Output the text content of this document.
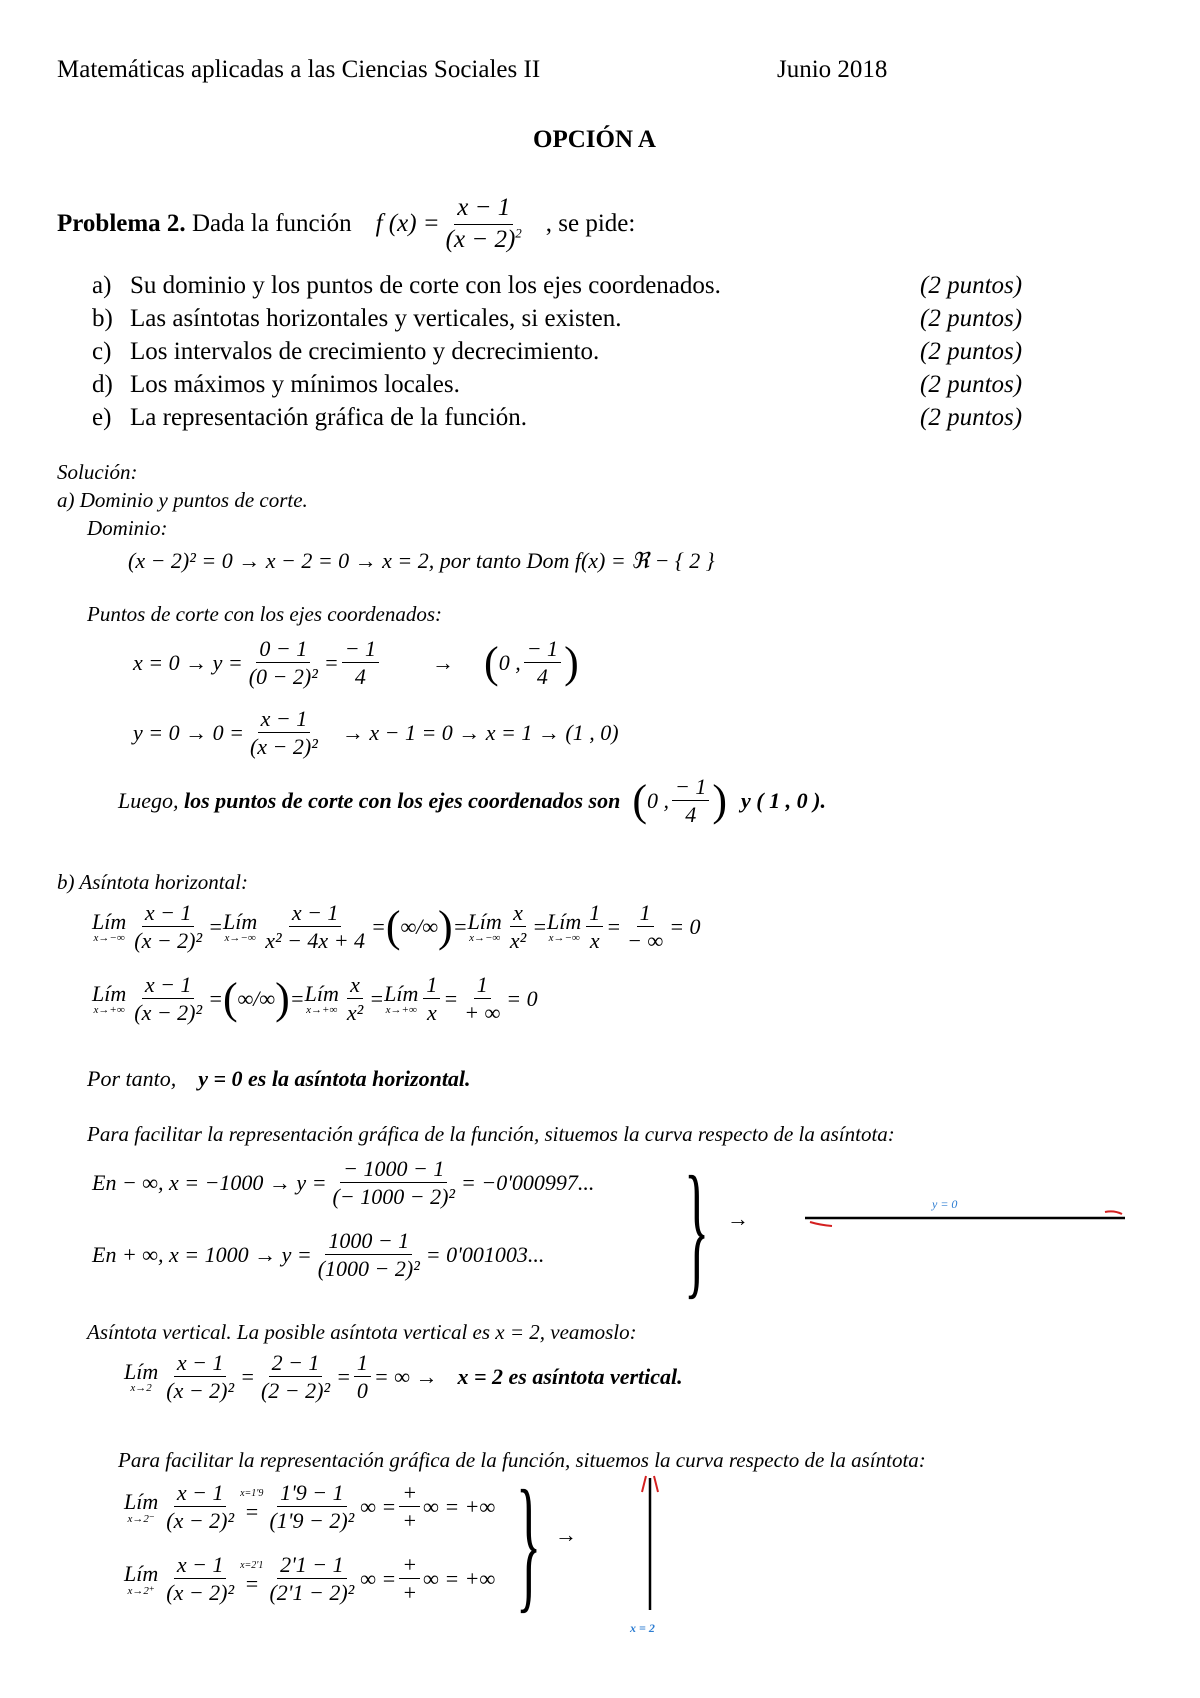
Matemáticas aplicadas a las Ciencias Sociales II	Junio 2018
OPCIÓN A
Problema 2.
Dada la función f $(x) = \frac{x - 1}{(x - 2)^2}$ , se pide:
a) Su dominio y los puntos de corte con los ejes coordenados.	(2 puntos)
b) Las asíntotas horizontales y verticales, si existen.	(2 puntos)
c) Los intervalos de crecimiento y decrecimiento.	(2 puntos)
d) Los máximos y mínimos locales.	(2 puntos)
e) La representación gráfica de la función.	(2 puntos)
Solución:
a) Dominio y puntos de corte.
Dominio:
(x − 2)² = 0 → x − 2 = 0 → x = 2, por tanto Dom f(x) = ℜ − { 2 }
Puntos de corte con los ejes coordenados:
$x = 0 \to y = \frac{0 - 1}{\text{(0 − 2)²}} = \frac{- 1}{4}$ → ( 0 , $\frac{- 1}{4}$ )
$y = 0 \to 0 = \frac{x - 1}{\text{(x − 2)²}} \to x - 1 = 0 \to x = 1 \to (1$ , 0)
Luego,
los puntos de corte con los ejes coordenados son ( 0 , $\frac{- 1}{4}$ ) y ( 1 , 0 ).
b) Asíntota horizontal:
Lím
$x\to-\infty \frac{x - 1}{\text{(x − 2)²}}$ = Lím
$x\to-\infty \frac{x - 1}{\text{x² − 4x + 4}}$ = ( ∞/∞ ) = Lím
$x\to-\infty \frac{x}{\text{x²}}$ = Lím
$x\to-\infty \frac{1}{x} = \frac{1}{- \infty} = 0$
Lím
$x\to+\infty \frac{x - 1}{\text{(x − 2)²}}$ = ( ∞/∞ ) = Lím
$x\to+\infty \frac{x}{\text{x²}}$ = Lím
$x\to+\infty \frac{1}{x} = \frac{1}{+ \infty} = 0$
Por tanto, y = 0 es la asíntota horizontal.
Para facilitar la representación gráfica de la función, situemos la curva respecto de la asíntota:
En − ∞, $x = -1000 \to y = \frac{- 1000 - 1}{\text{(− 1000 − 2)²}} = -0'000997$...
En + ∞, $x = 1000 \to y = \frac{1000 - 1}{\text{(1000 − 2)²}} = 0'001003$... } →
y = 0
Asíntota vertical. La posible asíntota vertical es x = 2, veamoslo:
Lím
$x\to 2 \frac{x - 1}{\text{(x − 2)²}} = \frac{2 - 1}{\text{(2 − 2)²}} = \frac{1}{0}$ = ∞ → x = 2 es asíntota vertical.
Para facilitar la representación gráfica de la función, situemos la curva respecto de la asíntota:
Lím
$x\to 2^- \frac{x - 1}{\text{(x − 2)²}} x=1'9$
= $\frac{1'9 - 1}{\text{(1'9 − 2)²}}$ ∞ = $\frac{+}{+}$ ∞ = +∞
Lím
$x\to 2^+ \frac{x - 1}{\text{(x − 2)²}} x=2'1$
= $\frac{2'1 - 1}{\text{(2'1 − 2)²}}$ ∞ = $\frac{+}{+}$ ∞ = +∞ } →
x = 2
